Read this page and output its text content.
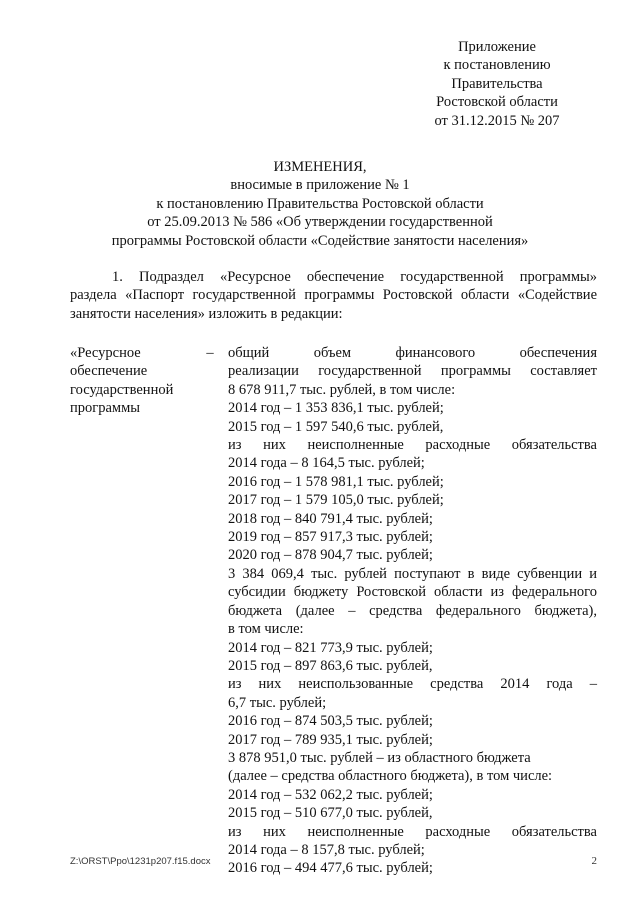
Приложение
к постановлению
Правительства
Ростовской области
от 31.12.2015 № 207
ИЗМЕНЕНИЯ,
вносимые в приложение № 1
к постановлению Правительства Ростовской области
от 25.09.2013 № 586 «Об утверждении государственной
программы Ростовской области «Содействие занятости населения»
1. Подраздел «Ресурсное обеспечение государственной программы»
раздела «Паспорт государственной программы Ростовской области «Содействие
занятости населения» изложить в редакции:
«Ресурсное
обеспечение
государственной
программы
– общий объем финансового обеспечения
реализации государственной программы составляет
8 678 911,7 тыс. рублей, в том числе:
2014 год – 1 353 836,1 тыс. рублей;
2015 год – 1 597 540,6 тыс. рублей,
из них неисполненные расходные обязательства
2014 года – 8 164,5 тыс. рублей;
2016 год – 1 578 981,1 тыс. рублей;
2017 год – 1 579 105,0 тыс. рублей;
2018 год – 840 791,4 тыс. рублей;
2019 год – 857 917,3 тыс. рублей;
2020 год – 878 904,7 тыс. рублей;
3 384 069,4 тыс. рублей поступают в виде субвенции и
субсидии бюджету Ростовской области из федерального
бюджета (далее – средства федерального бюджета),
в том числе:
2014 год – 821 773,9 тыс. рублей;
2015 год – 897 863,6 тыс. рублей,
из них неиспользованные средства 2014 года –
6,7 тыс. рублей;
2016 год – 874 503,5 тыс. рублей;
2017 год – 789 935,1 тыс. рублей;
3 878 951,0 тыс. рублей – из областного бюджета
(далее – средства областного бюджета), в том числе:
2014 год – 532 062,2 тыс. рублей;
2015 год – 510 677,0 тыс. рублей,
из них неисполненные расходные обязательства
2014 года – 8 157,8 тыс. рублей;
2016 год – 494 477,6 тыс. рублей;
Z:\ORST\Ppo\1231p207.f15.docx	2
